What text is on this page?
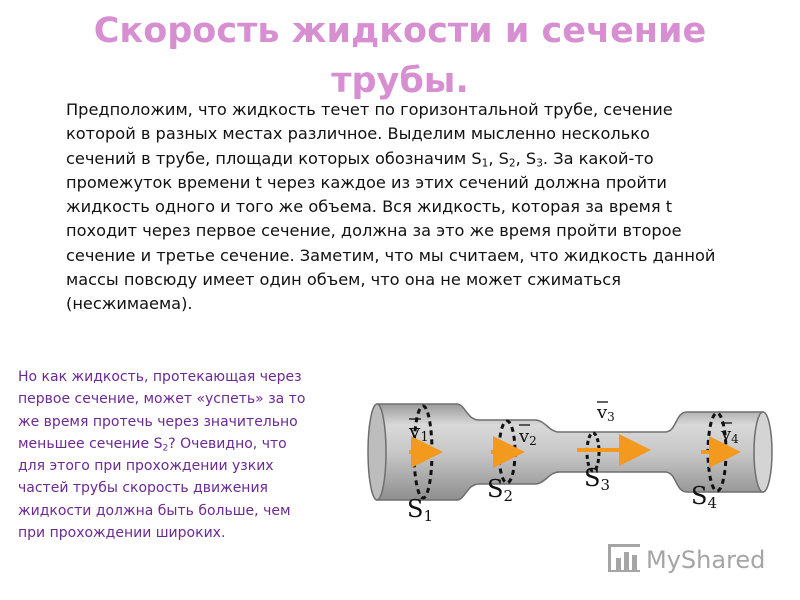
Скорость жидкости и сечение трубы.

Предположим, что жидкость течет по горизонтальной трубе, сечение которой в разных местах различное. Выделим мысленно несколько сечений в трубе, площади которых обозначим $S_1$, $S_2$, $S_3$. За какой-то промежуток времени t через каждое из этих сечений должна пройти жидкость одного и того же объема. Вся жидкость, которая за время t походит через первое сечение, должна за это же время пройти второе сечение и третье сечение. Заметим, что мы считаем, что жидкость данной массы повсюду имеет один объем, что она не может сжиматься (несжимаема).

Но как жидкость, протекающая через первое сечение, может «успеть» за то же время протечь через значительно меньшее сечение $S_2$? Очевидно, что для этого при прохождении узких частей трубы скорость движения жидкости должна быть больше, чем при прохождении широких.

v1	v2
v3
v4
S1
S2
S3	S4
MyShared
